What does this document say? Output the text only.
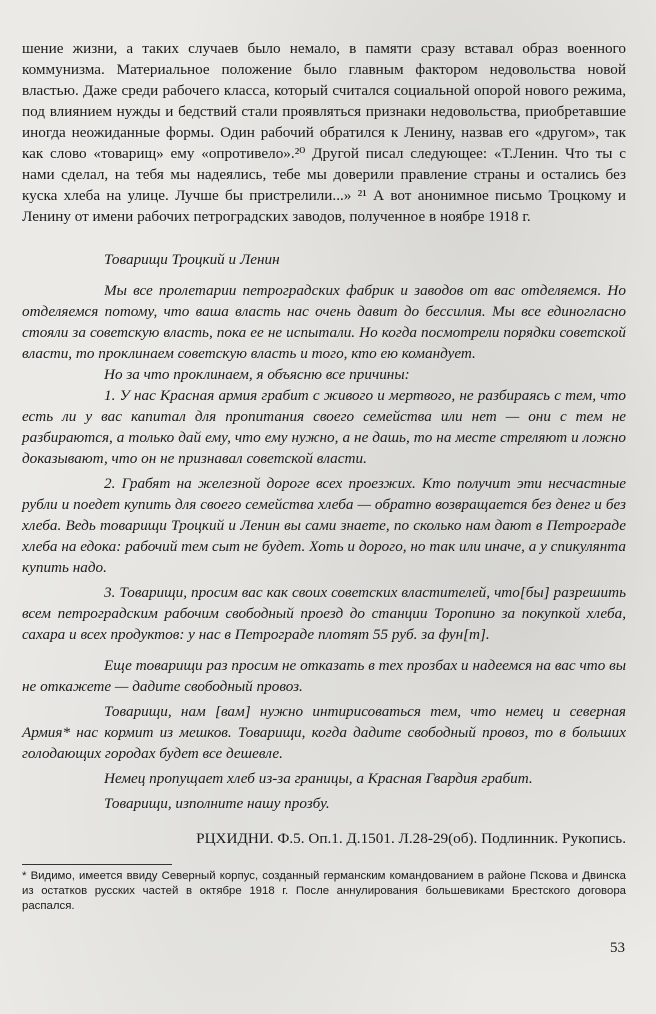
шение жизни, а таких случаев было немало, в памяти сразу вставал образ военного коммунизма. Материальное положение было главным фактором недовольства новой властью. Даже среди рабочего класса, который считался социальной опорой нового режима, под влиянием нужды и бедствий стали проявляться признаки недовольства, приобретавшие иногда неожиданные формы. Один рабочий обратился к Ленину, назвав его «другом», так как слово «товарищ» ему «опротивело».²⁰ Другой писал следующее: «Т.Ленин. Что ты с нами сделал, на тебя мы надеялись, тебе мы доверили правление страны и остались без куска хлеба на улице. Лучше бы пристрелили...» ²¹ А вот анонимное письмо Троцкому и Ленину от имени рабочих петроградских заводов, полученное в ноябре 1918 г.

Товарищи Троцкий и Ленин

Мы все пролетарии петроградских фабрик и заводов от вас отделяемся. Но отделяемся потому, что ваша власть нас очень давит до бессилия. Мы все единогласно стояли за советскую власть, пока ее не испытали. Но когда посмотрели порядки советской власти, то проклинаем советскую власть и того, кто ею командует.

Но за что проклинаем, я объясню все причины:

1. У нас Красная армия грабит с живого и мертвого, не разбираясь с тем, что есть ли у вас капитал для пропитания своего семейства или нет — они с тем не разбираются, а только дай ему, что ему нужно, а не дашь, то на месте стреляют и ложно доказывают, что он не признавал советской власти.

2. Грабят на железной дороге всех проезжих. Кто получит эти несчастные рубли и поедет купить для своего семейства хлеба — обратно возвращается без денег и без хлеба. Ведь товарищи Троцкий и Ленин вы сами знаете, по сколько нам дают в Петрограде хлеба на едока: рабочий тем сыт не будет. Хоть и дорого, но так или иначе, а у спикулянта купить надо.

3. Товарищи, просим вас как своих советских властителей, что[бы] разрешить всем петроградским рабочим свободный проезд до станции Торопино за покупкой хлеба, сахара и всех продуктов: у нас в Петрограде плотят 55 руб. за фун[т].

Еще товарищи раз просим не отказать в тех прозбах и надеемся на вас что вы не откажете — дадите свободный провоз.

Товарищи, нам [вам] нужно интирисоваться тем, что немец и северная Армия* нас кормит из мешков. Товарищи, когда дадите свободный провоз, то в больших голодающих городах будет все дешевле.

Немец пропущает хлеб из-за границы, а Красная Гвардия грабит.

Товарищи, изполните нашу прозбу.

РЦХИДНИ. Ф.5. Оп.1. Д.1501. Л.28-29(об). Подлинник. Рукопись.

* Видимо, имеется ввиду Северный корпус, созданный германским командованием в районе Пскова и Двинска из остатков русских частей в октябре 1918 г. После аннулирования большевиками Брестского договора распался.

53
